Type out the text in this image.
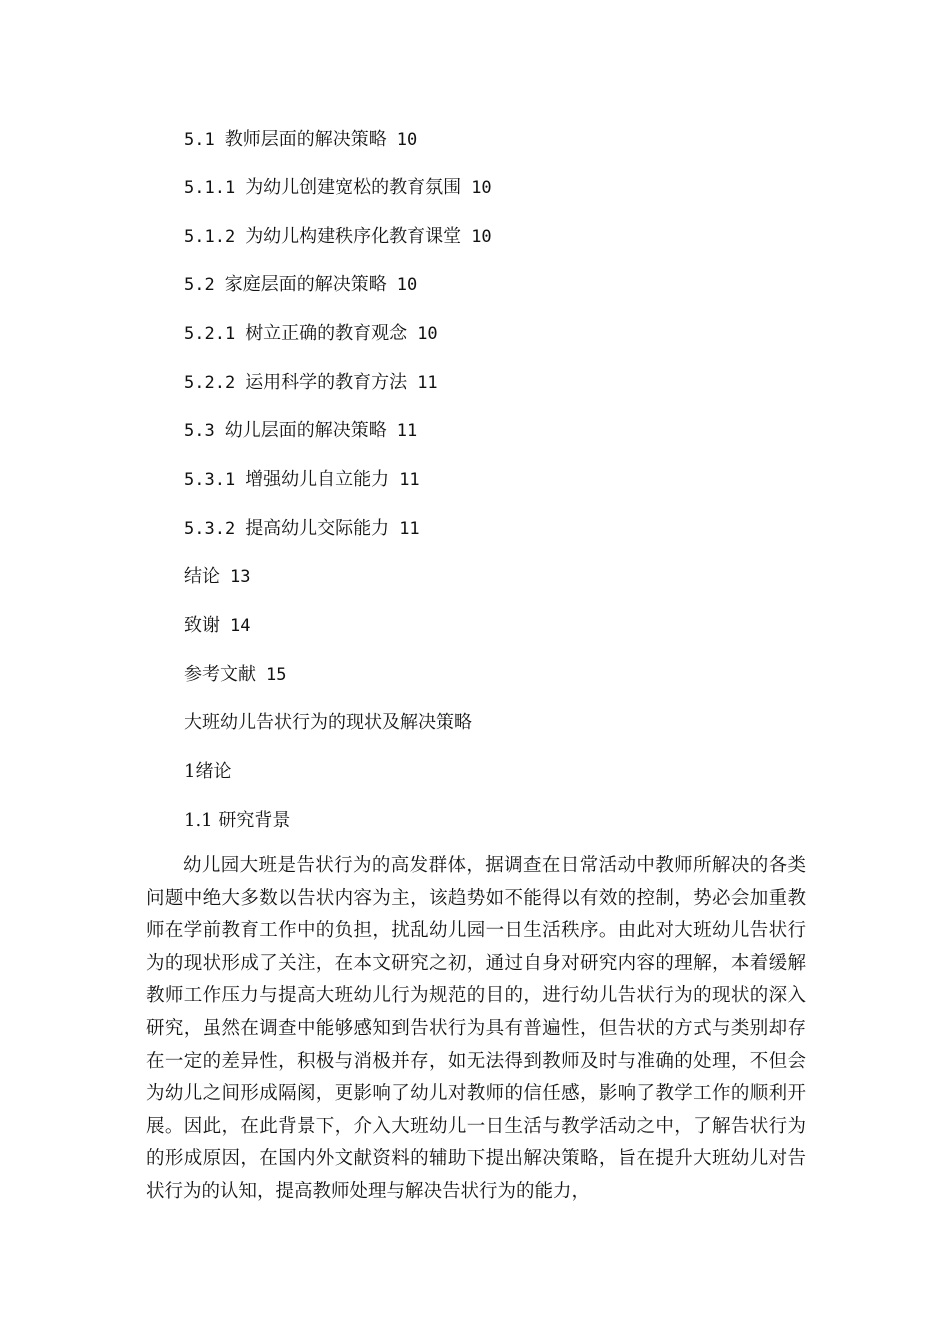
5.1 教师层面的解决策略 10

5.1.1 为幼儿创建宽松的教育氛围 10

5.1.2 为幼儿构建秩序化教育课堂 10

5.2 家庭层面的解决策略 10

5.2.1 树立正确的教育观念 10

5.2.2 运用科学的教育方法 11

5.3 幼儿层面的解决策略 11

5.3.1 增强幼儿自立能力 11

5.3.2 提高幼儿交际能力 11

结论 13

致谢 14

参考文献 15

大班幼儿告状行为的现状及解决策略

1绪论

1.1 研究背景

幼儿园大班是告状行为的高发群体，据调查在日常活动中教师所解决的各类问题中绝大多数以告状内容为主，该趋势如不能得以有效的控制，势必会加重教师在学前教育工作中的负担，扰乱幼儿园一日生活秩序。由此对大班幼儿告状行为的现状形成了关注，在本文研究之初，通过自身对研究内容的理解，本着缓解教师工作压力与提高大班幼儿行为规范的目的，进行幼儿告状行为的现状的深入研究，虽然在调查中能够感知到告状行为具有普遍性，但告状的方式与类别却存在一定的差异性，积极与消极并存，如无法得到教师及时与准确的处理，不但会为幼儿之间形成隔阂，更影响了幼儿对教师的信任感，影响了教学工作的顺利开展。因此，在此背景下，介入大班幼儿一日生活与教学活动之中，了解告状行为的形成原因，在国内外文献资料的辅助下提出解决策略，旨在提升大班幼儿对告状行为的认知，提高教师处理与解决告状行为的能力，
